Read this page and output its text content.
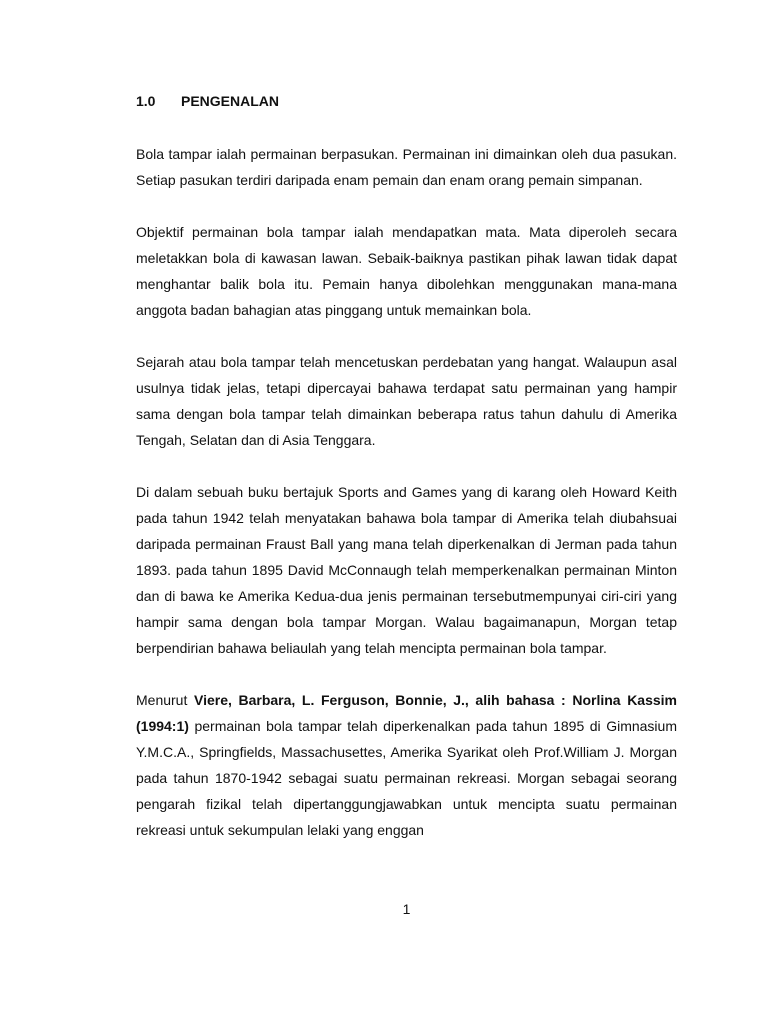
1.0	PENGENALAN

Bola tampar ialah permainan berpasukan. Permainan ini dimainkan oleh dua pasukan. Setiap pasukan terdiri daripada enam pemain dan enam orang pemain simpanan.

Objektif permainan bola tampar ialah mendapatkan mata. Mata diperoleh secara meletakkan bola di kawasan lawan. Sebaik-baiknya pastikan pihak lawan tidak dapat menghantar balik bola itu. Pemain hanya dibolehkan menggunakan mana-mana anggota badan bahagian atas pinggang untuk memainkan bola.

Sejarah atau bola tampar telah mencetuskan perdebatan yang hangat. Walaupun asal usulnya tidak jelas, tetapi dipercayai bahawa terdapat satu permainan yang hampir sama dengan bola tampar telah dimainkan beberapa ratus tahun dahulu di Amerika Tengah, Selatan dan di Asia Tenggara.

Di dalam sebuah buku bertajuk Sports and Games yang di karang oleh Howard Keith pada tahun 1942 telah menyatakan bahawa bola tampar di Amerika telah diubahsuai daripada permainan Fraust Ball yang mana telah diperkenalkan di Jerman pada tahun 1893. pada tahun 1895 David McConnaugh telah memperkenalkan permainan Minton dan di bawa ke Amerika Kedua-dua jenis permainan tersebutmempunyai ciri-ciri yang hampir sama dengan bola tampar Morgan. Walau bagaimanapun, Morgan tetap berpendirian bahawa beliaulah yang telah mencipta permainan bola tampar.

Menurut Viere, Barbara, L. Ferguson, Bonnie, J., alih bahasa : Norlina Kassim (1994:1) permainan bola tampar telah diperkenalkan pada tahun 1895 di Gimnasium Y.M.C.A., Springfields, Massachusettes, Amerika Syarikat oleh Prof.William J. Morgan pada tahun 1870-1942 sebagai suatu permainan rekreasi. Morgan sebagai seorang pengarah fizikal telah dipertanggungjawabkan untuk mencipta suatu permainan rekreasi untuk sekumpulan lelaki yang enggan

1
